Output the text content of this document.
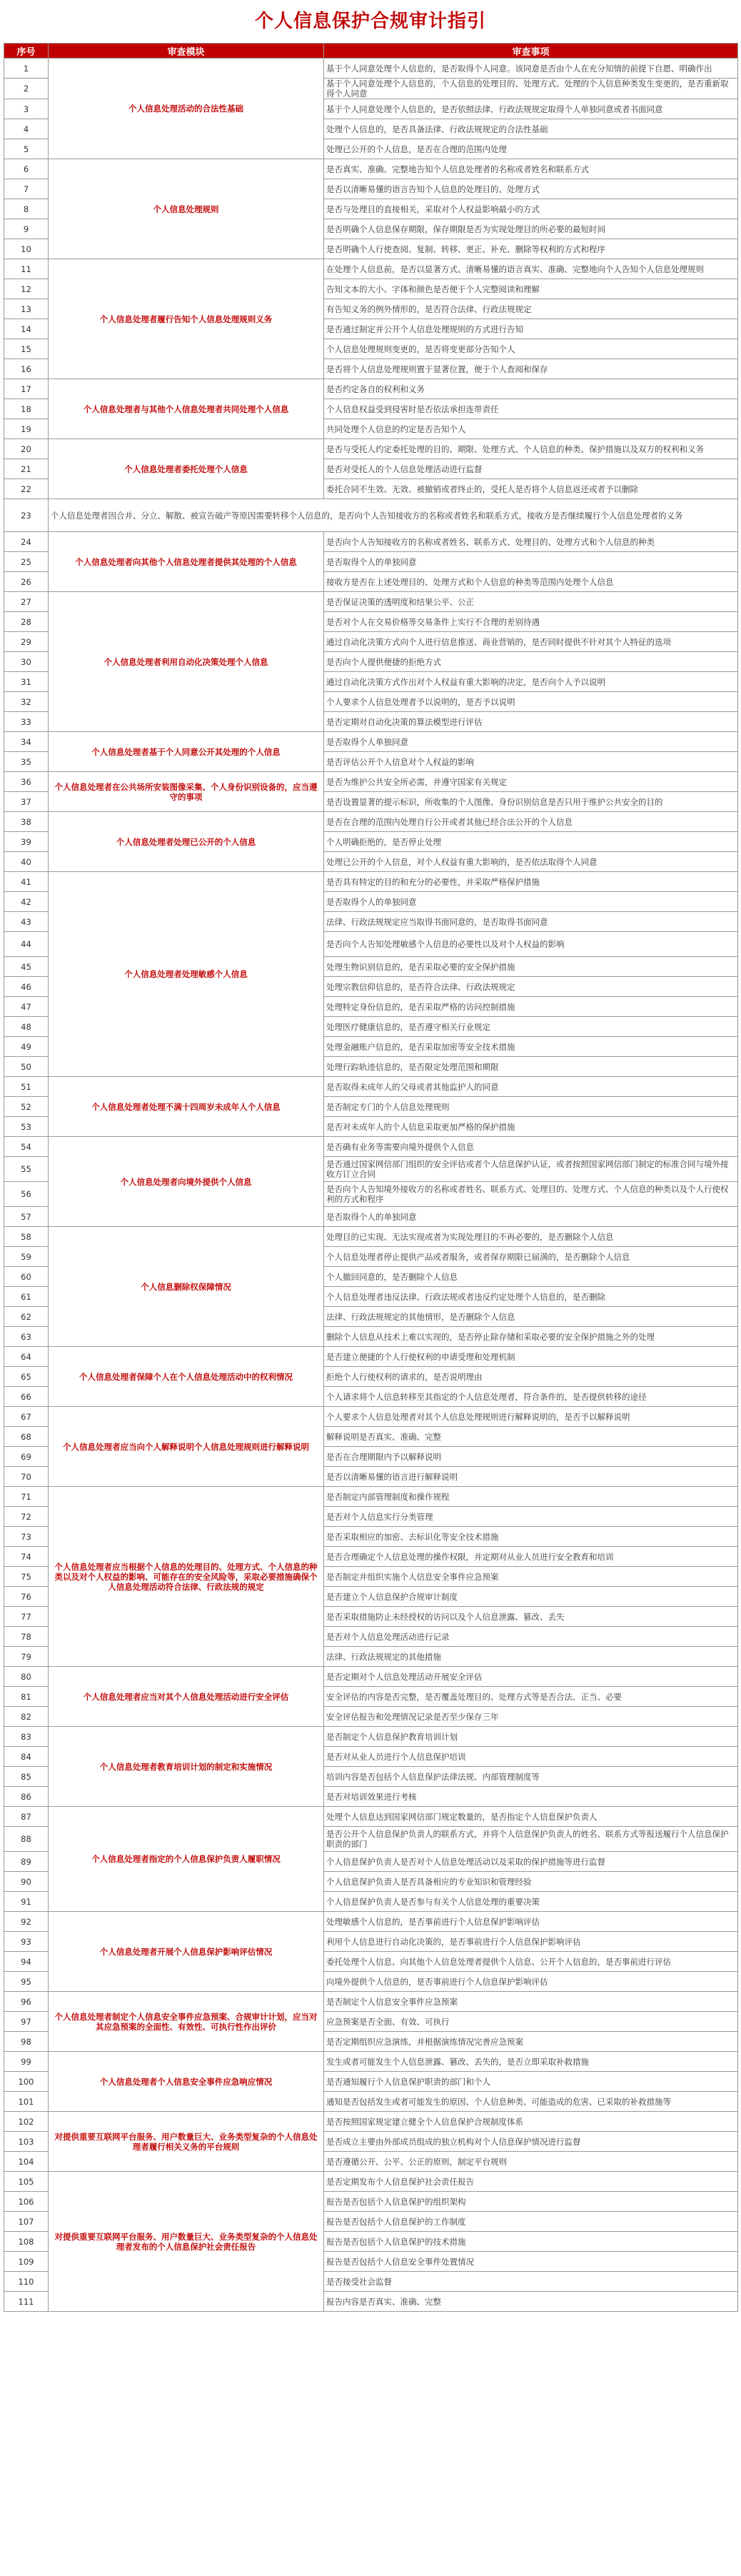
个人信息保护合规审计指引
序号	审查模块	审查事项
1	个人信息处理活动的合法性基础	基于个人同意处理个人信息的，是否取得个人同意。该同意是否由个人在充分知情的前提下自愿、明确作出
2		基于个人同意处理个人信息的，个人信息的处理目的、处理方式、处理的个人信息种类发生变更的，是否重新取得个人同意
3		基于个人同意处理个人信息的，是否依照法律、行政法规规定取得个人单独同意或者书面同意
4		处理个人信息的，是否具备法律、行政法规规定的合法性基础
5		处理已公开的个人信息，是否在合理的范围内处理
6	个人信息处理规则	是否真实、准确、完整地告知个人信息处理者的名称或者姓名和联系方式
7		是否以清晰易懂的语言告知个人信息的处理目的、处理方式
8		是否与处理目的直接相关，采取对个人权益影响最小的方式
9		是否明确个人信息保存期限，保存期限是否为实现处理目的所必要的最短时间
10		是否明确个人行使查阅、复制、转移、更正、补充、删除等权利的方式和程序
11	个人信息处理者履行告知个人信息处理规则义务	在处理个人信息前，是否以显著方式、清晰易懂的语言真实、准确、完整地向个人告知个人信息处理规则
12		告知文本的大小、字体和颜色是否便于个人完整阅读和理解
13		有告知义务的例外情形的，是否符合法律、行政法规规定
14		是否通过制定并公开个人信息处理规则的方式进行告知
15		个人信息处理规则变更的，是否将变更部分告知个人
16		是否将个人信息处理规则置于显著位置，便于个人查阅和保存
17	个人信息处理者与其他个人信息处理者共同处理个人信息	是否约定各自的权利和义务
18		个人信息权益受到侵害时是否依法承担连带责任
19		共同处理个人信息的约定是否告知个人
20	个人信息处理者委托处理个人信息	是否与受托人约定委托处理的目的、期限、处理方式、个人信息的种类、保护措施以及双方的权利和义务
21		是否对受托人的个人信息处理活动进行监督
22		委托合同不生效、无效、被撤销或者终止的，受托人是否将个人信息返还或者予以删除
23	个人信息处理者因合并、分立、解散、被宣告破产等原因需要转移个人信息的，是否向个人告知接收方的名称或者姓名和联系方式，接收方是否继续履行个人信息处理者的义务	
24	个人信息处理者向其他个人信息处理者提供其处理的个人信息	是否向个人告知接收方的名称或者姓名、联系方式、处理目的、处理方式和个人信息的种类
25		是否取得个人的单独同意
26		接收方是否在上述处理目的、处理方式和个人信息的种类等范围内处理个人信息
27	个人信息处理者利用自动化决策处理个人信息	是否保证决策的透明度和结果公平、公正
28		是否对个人在交易价格等交易条件上实行不合理的差别待遇
29		通过自动化决策方式向个人进行信息推送、商业营销的，是否同时提供不针对其个人特征的选项
30		是否向个人提供便捷的拒绝方式
31		通过自动化决策方式作出对个人权益有重大影响的决定，是否向个人予以说明
32		个人要求个人信息处理者予以说明的，是否予以说明
33		是否定期对自动化决策的算法模型进行评估
34	个人信息处理者基于个人同意公开其处理的个人信息	是否取得个人单独同意
35		是否评估公开个人信息对个人权益的影响
36	个人信息处理者在公共场所安装图像采集、个人身份识别设备的，应当遵守的事项	是否为维护公共安全所必需，并遵守国家有关规定
37		是否设置显著的提示标识，所收集的个人图像、身份识别信息是否只用于维护公共安全的目的
38	个人信息处理者处理已公开的个人信息	是否在合理的范围内处理自行公开或者其他已经合法公开的个人信息
39		个人明确拒绝的，是否停止处理
40		处理已公开的个人信息，对个人权益有重大影响的，是否依法取得个人同意
41	个人信息处理者处理敏感个人信息	是否具有特定的目的和充分的必要性，并采取严格保护措施
42		是否取得个人的单独同意
43		法律、行政法规规定应当取得书面同意的，是否取得书面同意
44		是否向个人告知处理敏感个人信息的必要性以及对个人权益的影响
45		处理生物识别信息的，是否采取必要的安全保护措施
46		处理宗教信仰信息的，是否符合法律、行政法规规定
47		处理特定身份信息的，是否采取严格的访问控制措施
48		处理医疗健康信息的，是否遵守相关行业规定
49		处理金融账户信息的，是否采取加密等安全技术措施
50		处理行踪轨迹信息的，是否限定处理范围和期限
51	个人信息处理者处理不满十四周岁未成年人个人信息	是否取得未成年人的父母或者其他监护人的同意
52		是否制定专门的个人信息处理规则
53		是否对未成年人的个人信息采取更加严格的保护措施
54	个人信息处理者向境外提供个人信息	是否确有业务等需要向境外提供个人信息
55		是否通过国家网信部门组织的安全评估或者个人信息保护认证，或者按照国家网信部门制定的标准合同与境外接收方订立合同
56		是否向个人告知境外接收方的名称或者姓名、联系方式、处理目的、处理方式、个人信息的种类以及个人行使权利的方式和程序
57		是否取得个人的单独同意
58	个人信息删除权保障情况	处理目的已实现、无法实现或者为实现处理目的不再必要的，是否删除个人信息
59		个人信息处理者停止提供产品或者服务，或者保存期限已届满的，是否删除个人信息
60		个人撤回同意的，是否删除个人信息
61		个人信息处理者违反法律、行政法规或者违反约定处理个人信息的，是否删除
62		法律、行政法规规定的其他情形，是否删除个人信息
63		删除个人信息从技术上难以实现的，是否停止除存储和采取必要的安全保护措施之外的处理
64	个人信息处理者保障个人在个人信息处理活动中的权利情况	是否建立便捷的个人行使权利的申请受理和处理机制
65		拒绝个人行使权利的请求的，是否说明理由
66		个人请求将个人信息转移至其指定的个人信息处理者，符合条件的，是否提供转移的途径
67	个人信息处理者应当向个人解释说明个人信息处理规则进行解释说明	个人要求个人信息处理者对其个人信息处理规则进行解释说明的，是否予以解释说明
68		解释说明是否真实、准确、完整
69		是否在合理期限内予以解释说明
70		是否以清晰易懂的语言进行解释说明
71	个人信息处理者应当根据个人信息的处理目的、处理方式、个人信息的种类以及对个人权益的影响、可能存在的安全风险等，采取必要措施确保个人信息处理活动符合法律、行政法规的规定	是否制定内部管理制度和操作规程
72		是否对个人信息实行分类管理
73		是否采取相应的加密、去标识化等安全技术措施
74		是否合理确定个人信息处理的操作权限，并定期对从业人员进行安全教育和培训
75		是否制定并组织实施个人信息安全事件应急预案
76		是否建立个人信息保护合规审计制度
77		是否采取措施防止未经授权的访问以及个人信息泄露、篡改、丢失
78		是否对个人信息处理活动进行记录
79		法律、行政法规规定的其他措施
80	个人信息处理者应当对其个人信息处理活动进行安全评估	是否定期对个人信息处理活动开展安全评估
81		安全评估的内容是否完整，是否覆盖处理目的、处理方式等是否合法、正当、必要
82		安全评估报告和处理情况记录是否至少保存三年
83	个人信息处理者教育培训计划的制定和实施情况	是否制定个人信息保护教育培训计划
84		是否对从业人员进行个人信息保护培训
85		培训内容是否包括个人信息保护法律法规、内部管理制度等
86		是否对培训效果进行考核
87	个人信息处理者指定的个人信息保护负责人履职情况	处理个人信息达到国家网信部门规定数量的，是否指定个人信息保护负责人
88		是否公开个人信息保护负责人的联系方式，并将个人信息保护负责人的姓名、联系方式等报送履行个人信息保护职责的部门
89		个人信息保护负责人是否对个人信息处理活动以及采取的保护措施等进行监督
90		个人信息保护负责人是否具备相应的专业知识和管理经验
91		个人信息保护负责人是否参与有关个人信息处理的重要决策
92	个人信息处理者开展个人信息保护影响评估情况	处理敏感个人信息的，是否事前进行个人信息保护影响评估
93		利用个人信息进行自动化决策的，是否事前进行个人信息保护影响评估
94		委托处理个人信息、向其他个人信息处理者提供个人信息、公开个人信息的，是否事前进行评估
95		向境外提供个人信息的，是否事前进行个人信息保护影响评估
96	个人信息处理者制定个人信息安全事件应急预案、合规审计计划，应当对其应急预案的全面性、有效性、可执行性作出评价	是否制定个人信息安全事件应急预案
97		应急预案是否全面、有效、可执行
98		是否定期组织应急演练，并根据演练情况完善应急预案
99	个人信息处理者个人信息安全事件应急响应情况	发生或者可能发生个人信息泄露、篡改、丢失的，是否立即采取补救措施
100		是否通知履行个人信息保护职责的部门和个人
101		通知是否包括发生或者可能发生的原因、个人信息种类、可能造成的危害、已采取的补救措施等
102	对提供重要互联网平台服务、用户数量巨大、业务类型复杂的个人信息处理者履行相关义务的平台规则	是否按照国家规定建立健全个人信息保护合规制度体系
103		是否成立主要由外部成员组成的独立机构对个人信息保护情况进行监督
104		是否遵循公开、公平、公正的原则，制定平台规则
105	对提供重要互联网平台服务、用户数量巨大、业务类型复杂的个人信息处理者发布的个人信息保护社会责任报告	是否定期发布个人信息保护社会责任报告
106		报告是否包括个人信息保护的组织架构
107		报告是否包括个人信息保护的工作制度
108		报告是否包括个人信息保护的技术措施
109		报告是否包括个人信息安全事件处置情况
110		是否接受社会监督
111		报告内容是否真实、准确、完整
